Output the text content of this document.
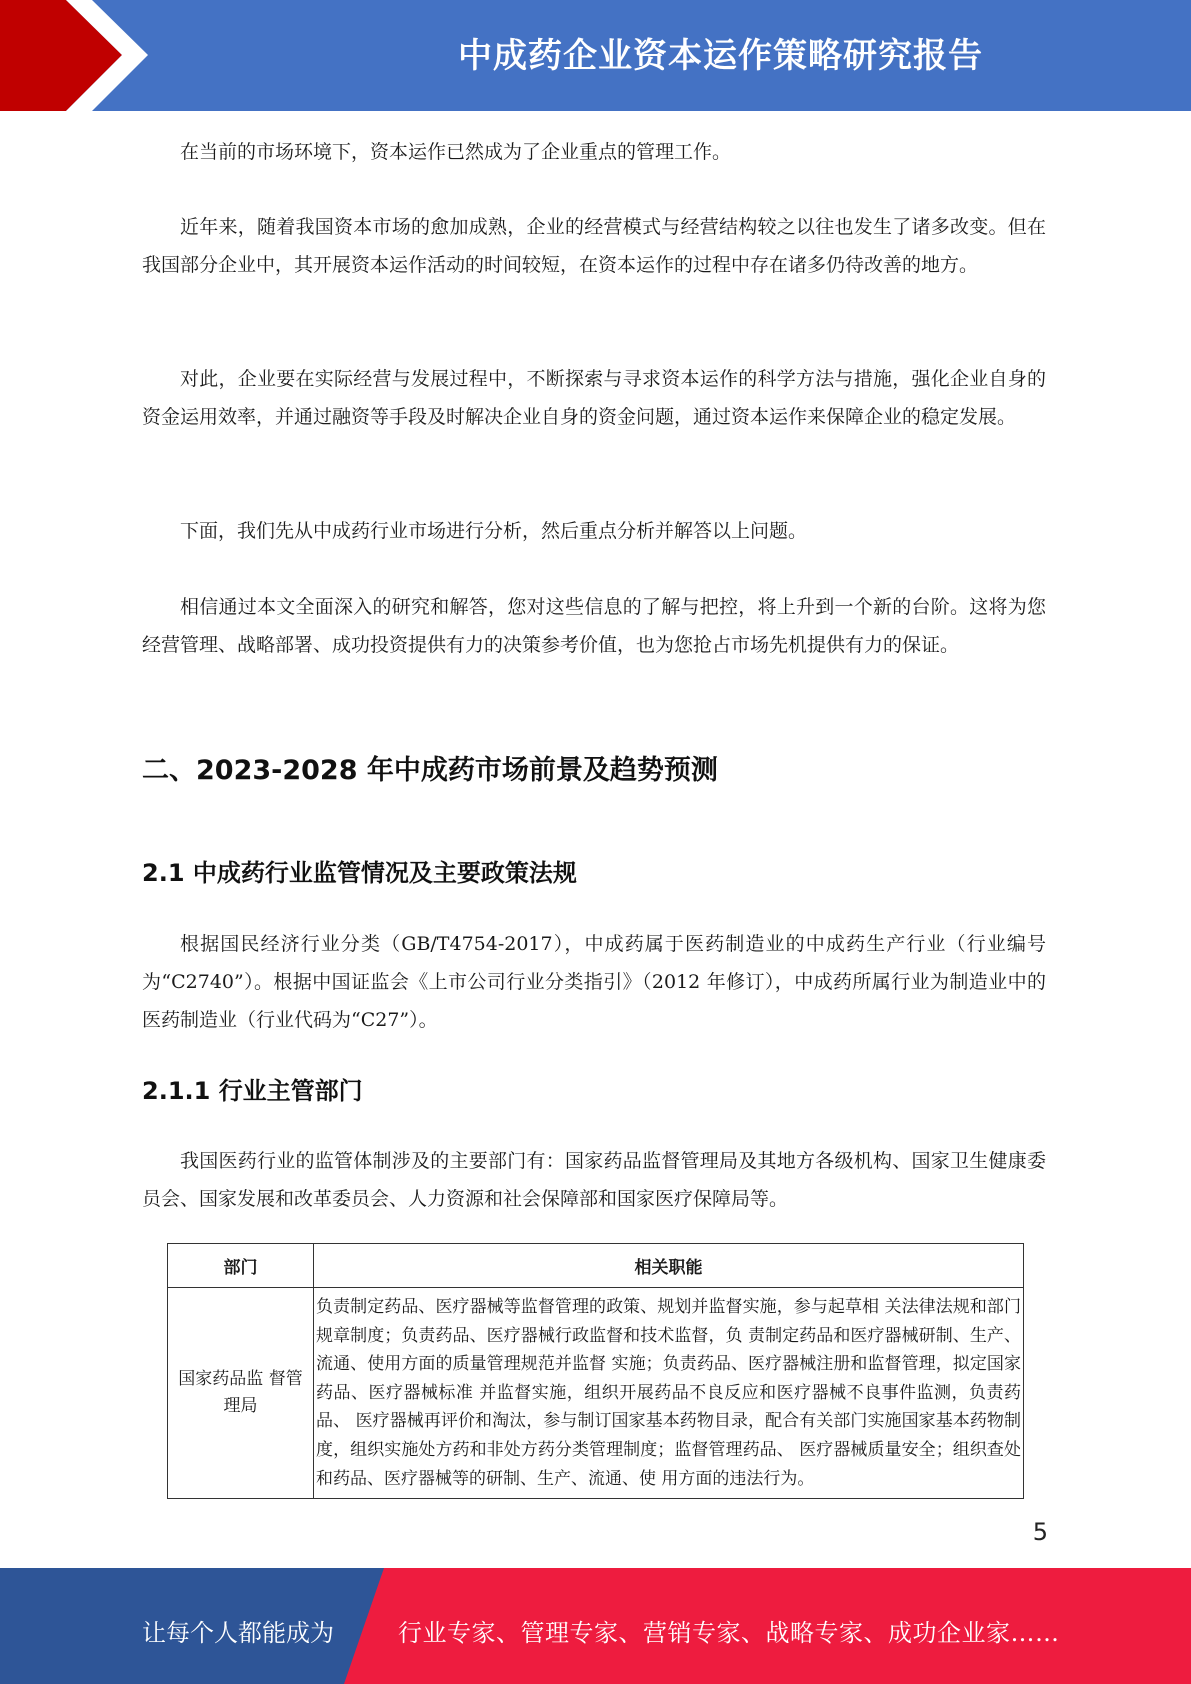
中成药企业资本运作策略研究报告

在当前的市场环境下，资本运作已然成为了企业重点的管理工作。

近年来，随着我国资本市场的愈加成熟，企业的经营模式与经营结构较之以往也发生了诸多改变。但在我国部分企业中，其开展资本运作活动的时间较短，在资本运作的过程中存在诸多仍待改善的地方。

对此，企业要在实际经营与发展过程中，不断探索与寻求资本运作的科学方法与措施，强化企业自身的资金运用效率，并通过融资等手段及时解决企业自身的资金问题，通过资本运作来保障企业的稳定发展。

下面，我们先从中成药行业市场进行分析，然后重点分析并解答以上问题。

相信通过本文全面深入的研究和解答，您对这些信息的了解与把控，将上升到一个新的台阶。这将为您经营管理、战略部署、成功投资提供有力的决策参考价值，也为您抢占市场先机提供有力的保证。

二、2023-2028 年中成药市场前景及趋势预测
2.1 中成药行业监管情况及主要政策法规

根据国民经济行业分类（GB/T4754-2017），中成药属于医药制造业的中成药生产行业（行业编号为“C2740”）。根据中国证监会《上市公司行业分类指引》（2012 年修订），中成药所属行业为制造业中的医药制造业（行业代码为“C27”）。

2.1.1 行业主管部门

我国医药行业的监管体制涉及的主要部门有：国家药品监督管理局及其地方各级机构、国家卫生健康委员会、国家发展和改革委员会、人力资源和社会保障部和国家医疗保障局等。

部门	相关职能
国家药品监 督管理局	负责制定药品、医疗器械等监督管理的政策、规划并监督实施，参与起草相 关法律法规和部门规章制度；负责药品、医疗器械行政监督和技术监督，负 责制定药品和医疗器械研制、生产、流通、使用方面的质量管理规范并监督 实施；负责药品、医疗器械注册和监督管理，拟定国家药品、医疗器械标准 并监督实施，组织开展药品不良反应和医疗器械不良事件监测，负责药品、 医疗器械再评价和淘汰，参与制订国家基本药物目录，配合有关部门实施国家基本药物制度，组织实施处方药和非处方药分类管理制度；监督管理药品、 医疗器械质量安全；组织查处和药品、医疗器械等的研制、生产、流通、使 用方面的违法行为。
5
让每个人都能成为	行业专家、管理专家、营销专家、战略专家、成功企业家……
